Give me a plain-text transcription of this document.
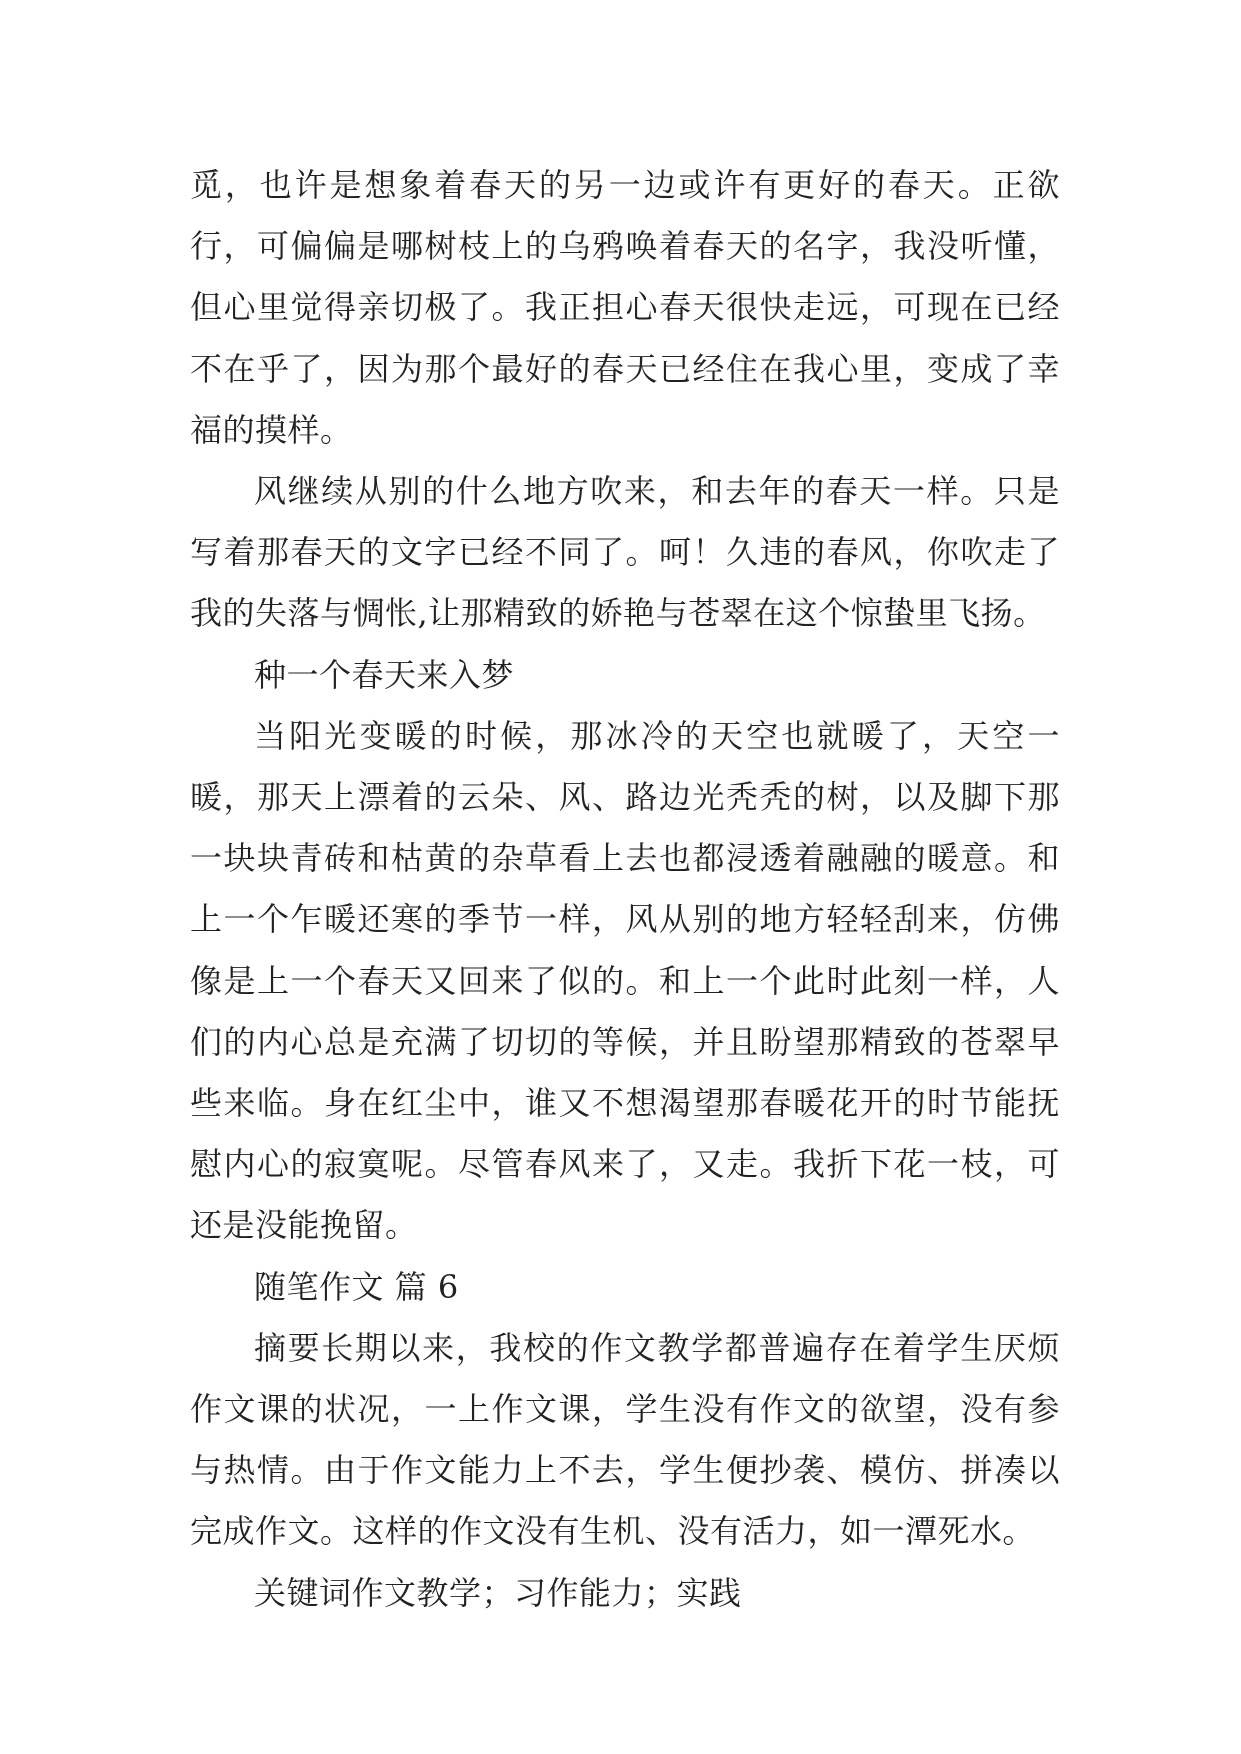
觅，也许是想象着春天的另一边或许有更好的春天。正欲行，可偏偏是哪树枝上的乌鸦唤着春天的名字，我没听懂，但心里觉得亲切极了。我正担心春天很快走远，可现在已经不在乎了，因为那个最好的春天已经住在我心里，变成了幸福的摸样。

风继续从别的什么地方吹来，和去年的春天一样。只是写着那春天的文字已经不同了。呵！久违的春风，你吹走了我的失落与惆怅,让那精致的娇艳与苍翠在这个惊蛰里飞扬。

种一个春天来入梦

当阳光变暖的时候，那冰冷的天空也就暖了，天空一暖，那天上漂着的云朵、风、路边光秃秃的树，以及脚下那一块块青砖和枯黄的杂草看上去也都浸透着融融的暖意。和上一个乍暖还寒的季节一样，风从别的地方轻轻刮来，仿佛像是上一个春天又回来了似的。和上一个此时此刻一样，人们的内心总是充满了切切的等候，并且盼望那精致的苍翠早些来临。身在红尘中，谁又不想渴望那春暖花开的时节能抚慰内心的寂寞呢。尽管春风来了，又走。我折下花一枝，可还是没能挽留。

随笔作文 篇 6

摘要长期以来，我校的作文教学都普遍存在着学生厌烦作文课的状况，一上作文课，学生没有作文的欲望，没有参与热情。由于作文能力上不去，学生便抄袭、模仿、拼凑以完成作文。这样的作文没有生机、没有活力，如一潭死水。

关键词作文教学；习作能力；实践
